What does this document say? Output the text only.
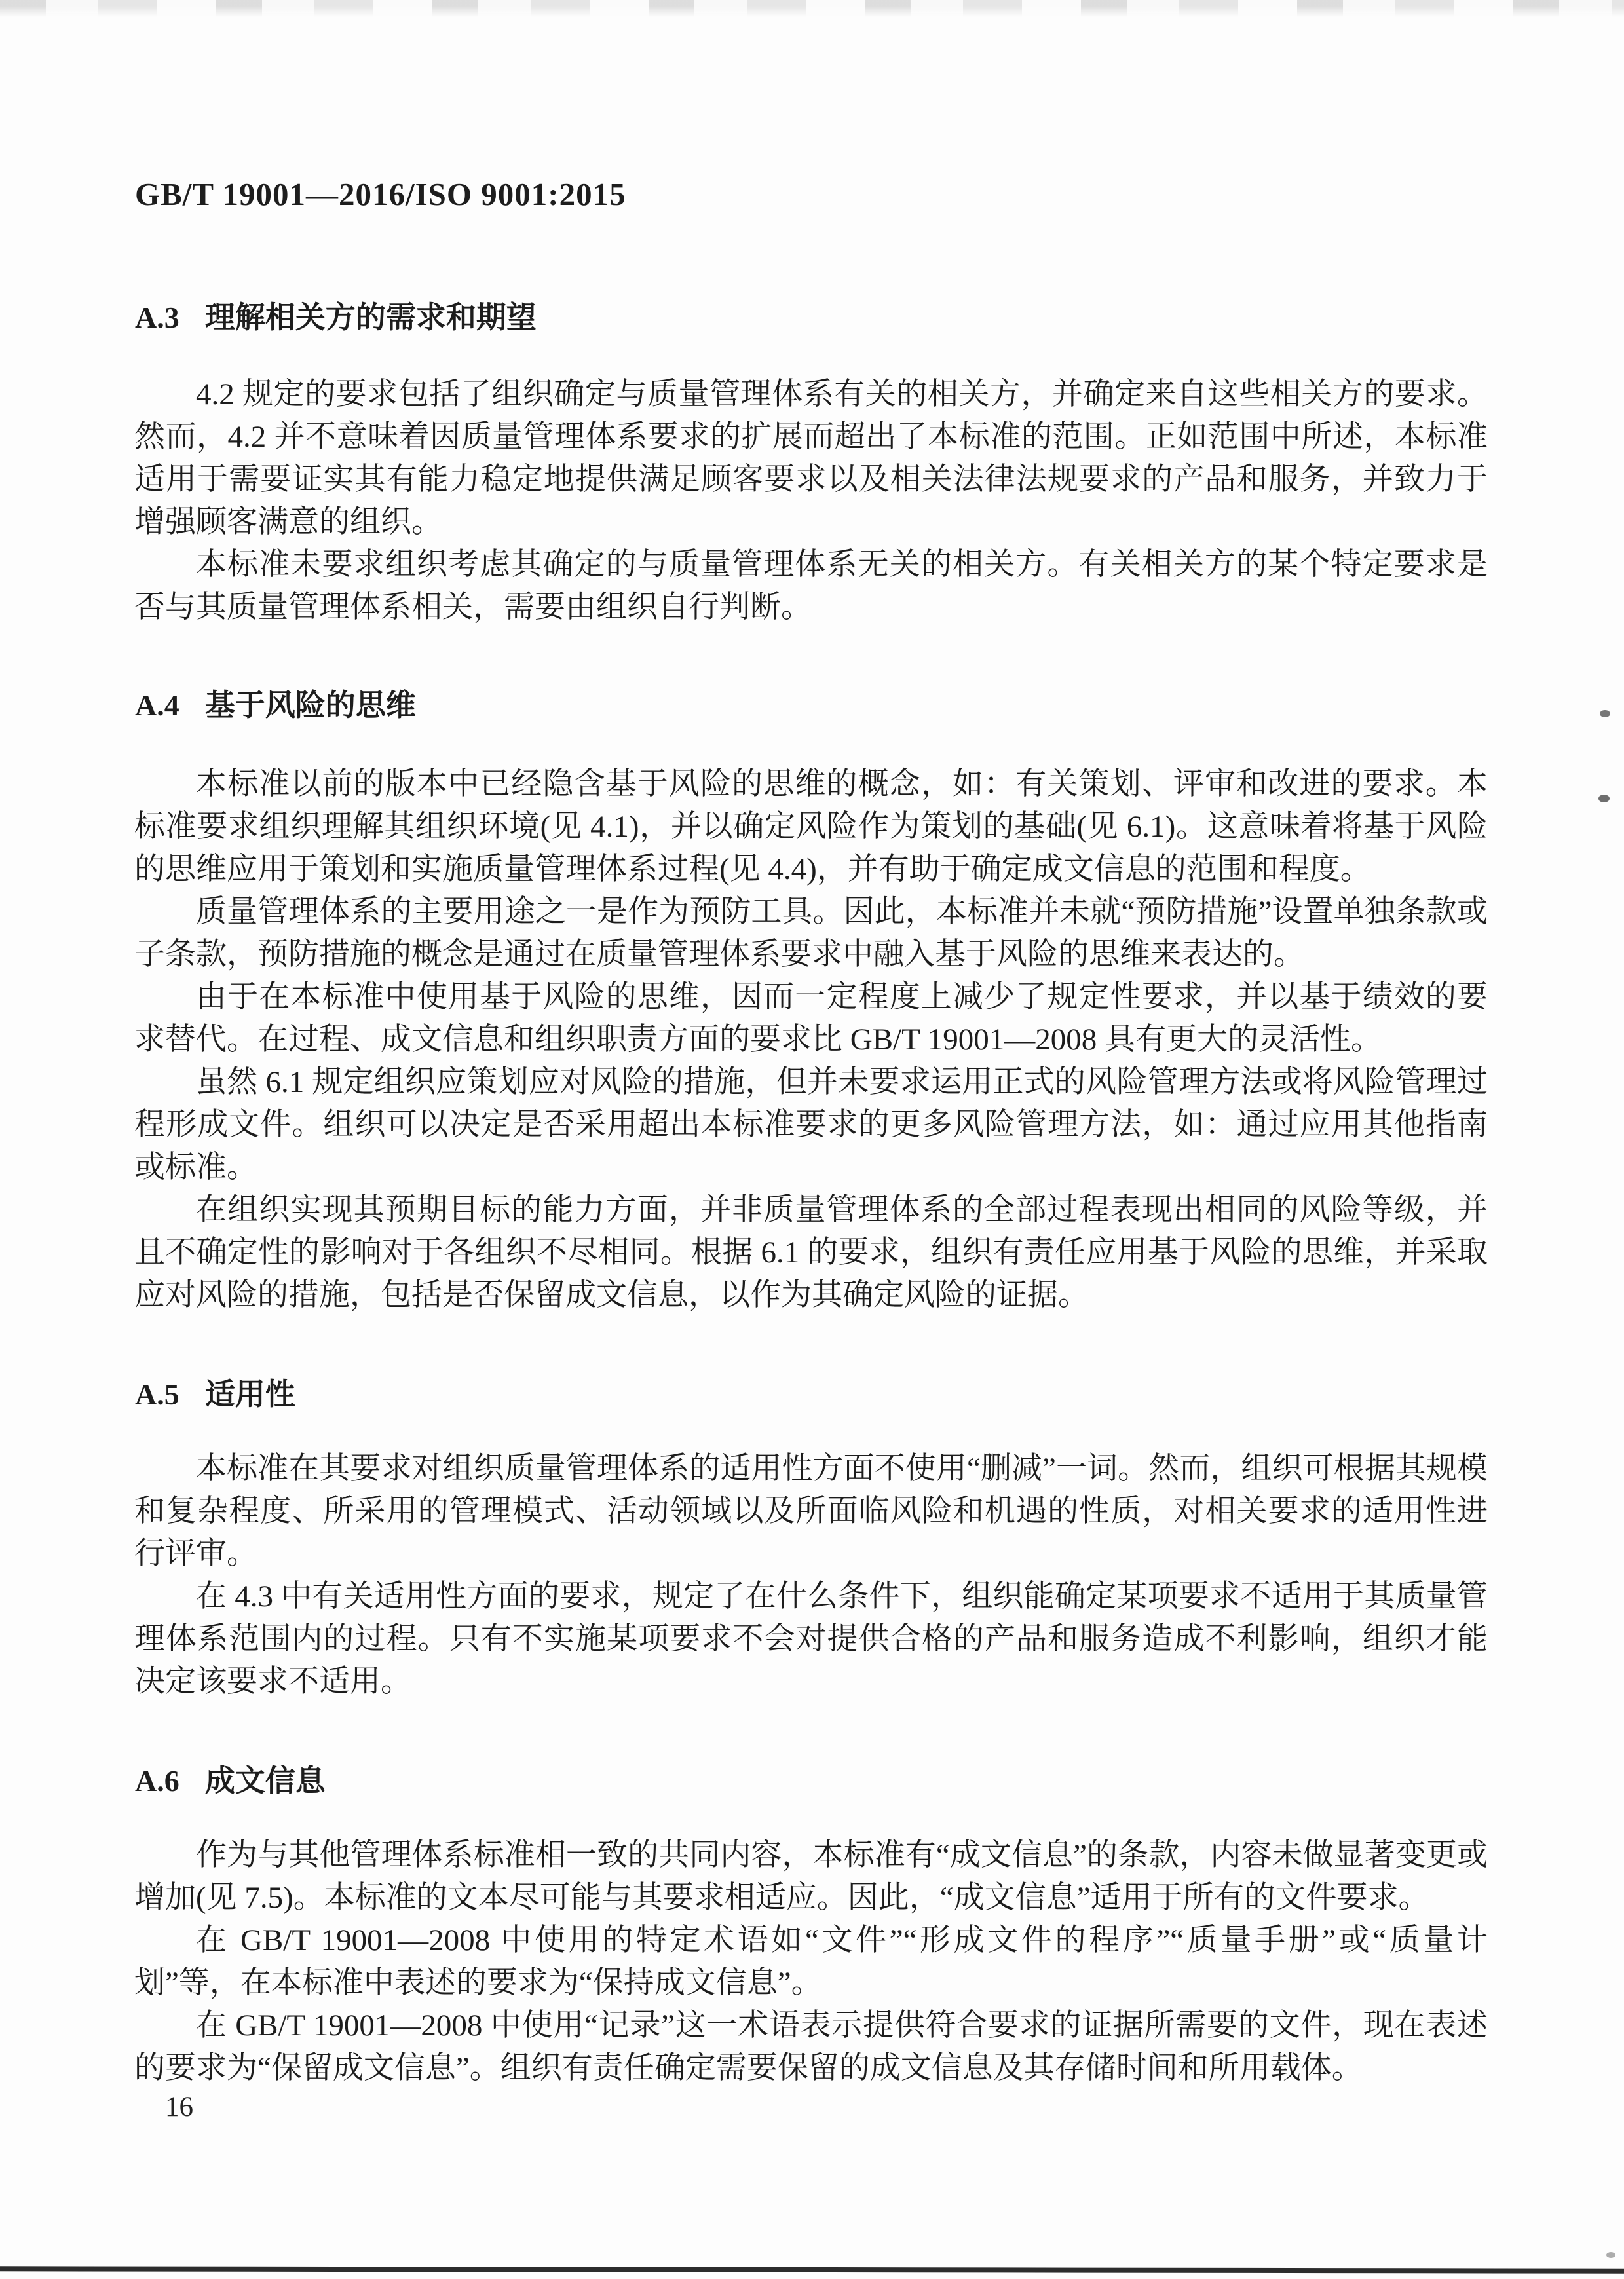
GB/T 19001—2016/ISO 9001:2015
A.3 理解相关方的需求和期望

4.2 规定的要求包括了组织确定与质量管理体系有关的相关方，并确定来自这些相关方的要求。然而，4.2 并不意味着因质量管理体系要求的扩展而超出了本标准的范围。正如范围中所述，本标准适用于需要证实其有能力稳定地提供满足顾客要求以及相关法律法规要求的产品和服务，并致力于增强顾客满意的组织。

本标准未要求组织考虑其确定的与质量管理体系无关的相关方。有关相关方的某个特定要求是否与其质量管理体系相关，需要由组织自行判断。

A.4 基于风险的思维

本标准以前的版本中已经隐含基于风险的思维的概念，如：有关策划、评审和改进的要求。本标准要求组织理解其组织环境(见 4.1)，并以确定风险作为策划的基础(见 6.1)。这意味着将基于风险的思维应用于策划和实施质量管理体系过程(见 4.4)，并有助于确定成文信息的范围和程度。

质量管理体系的主要用途之一是作为预防工具。因此，本标准并未就“预防措施”设置单独条款或子条款，预防措施的概念是通过在质量管理体系要求中融入基于风险的思维来表达的。

由于在本标准中使用基于风险的思维，因而一定程度上减少了规定性要求，并以基于绩效的要求替代。在过程、成文信息和组织职责方面的要求比 GB/T 19001—2008 具有更大的灵活性。

虽然 6.1 规定组织应策划应对风险的措施，但并未要求运用正式的风险管理方法或将风险管理过程形成文件。组织可以决定是否采用超出本标准要求的更多风险管理方法，如：通过应用其他指南或标准。

在组织实现其预期目标的能力方面，并非质量管理体系的全部过程表现出相同的风险等级，并且不确定性的影响对于各组织不尽相同。根据 6.1 的要求，组织有责任应用基于风险的思维，并采取应对风险的措施，包括是否保留成文信息，以作为其确定风险的证据。

A.5 适用性

本标准在其要求对组织质量管理体系的适用性方面不使用“删减”一词。然而，组织可根据其规模和复杂程度、所采用的管理模式、活动领域以及所面临风险和机遇的性质，对相关要求的适用性进行评审。

在 4.3 中有关适用性方面的要求，规定了在什么条件下，组织能确定某项要求不适用于其质量管理体系范围内的过程。只有不实施某项要求不会对提供合格的产品和服务造成不利影响，组织才能决定该要求不适用。

A.6 成文信息

作为与其他管理体系标准相一致的共同内容，本标准有“成文信息”的条款，内容未做显著变更或增加(见 7.5)。本标准的文本尽可能与其要求相适应。因此，“成文信息”适用于所有的文件要求。

在 GB/T 19001—2008 中使用的特定术语如“文件”“形成文件的程序”“质量手册”或“质量计划”等，在本标准中表述的要求为“保持成文信息”。

在 GB/T 19001—2008 中使用“记录”这一术语表示提供符合要求的证据所需要的文件，现在表述的要求为“保留成文信息”。组织有责任确定需要保留的成文信息及其存储时间和所用载体。

16
